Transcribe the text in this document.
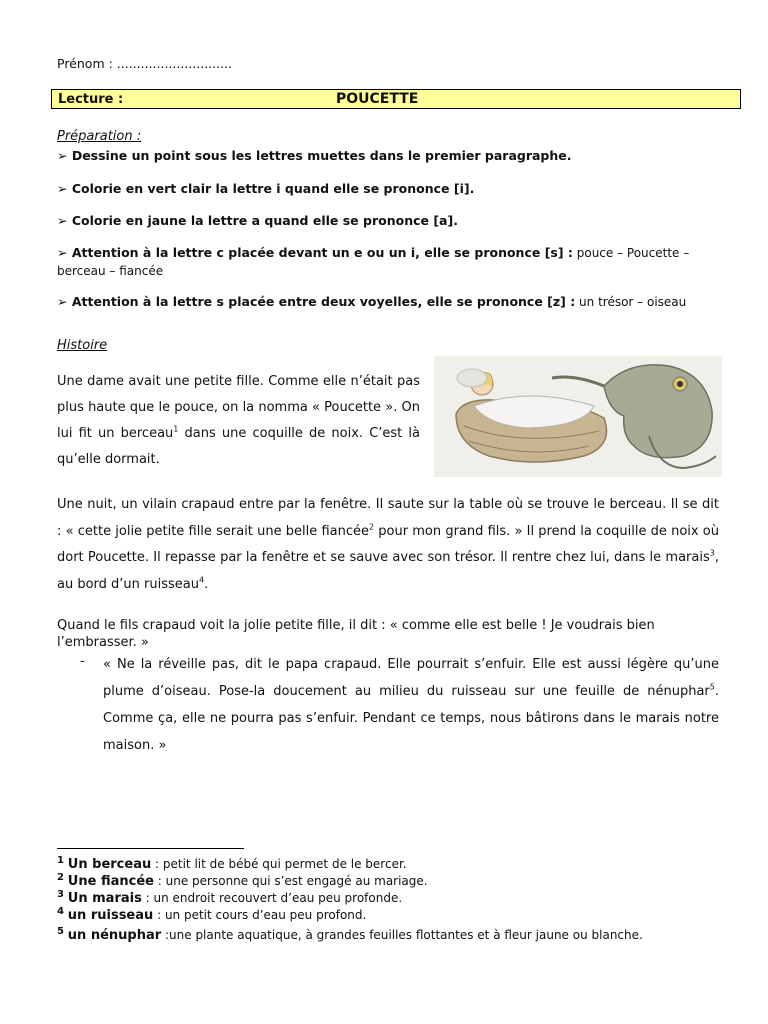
Prénom : .............................
Lecture :	POUCETTE
Préparation :
➢ Dessine un point sous les lettres muettes dans le premier paragraphe.
➢ Colorie en vert clair la lettre i quand elle se prononce [i].
➢ Colorie en jaune la lettre a quand elle se prononce [a].
➢ Attention à la lettre c placée devant un e ou un i, elle se prononce [s] : pouce – Poucette – berceau – fiancée
➢ Attention à la lettre s placée entre deux voyelles, elle se prononce [z] : un trésor – oiseau
Histoire
Une dame avait une petite fille. Comme elle n’était pas plus haute que le pouce, on la nomma « Poucette ». On lui fit un berceau$^1$ dans une coquille de noix. C’est là qu’elle dormait.
Une nuit, un vilain crapaud entre par la fenêtre. Il saute sur la table où se trouve le berceau. Il se dit : « cette jolie petite fille serait une belle fiancée$^2$ pour mon grand fils. » Il prend la coquille de noix où dort Poucette. Il repasse par la fenêtre et se sauve avec son trésor. Il rentre chez lui, dans le marais$^3$, au bord d’un ruisseau$^4$.
Quand le fils crapaud voit la jolie petite fille, il dit : « comme elle est belle ! Je voudrais bien l’embrasser. »
- « Ne la réveille pas, dit le papa crapaud. Elle pourrait s’enfuir. Elle est aussi légère qu’une plume d’oiseau. Pose-la doucement au milieu du ruisseau sur une feuille de nénuphar$^5$. Comme ça, elle ne pourra pas s’enfuir. Pendant ce temps, nous bâtirons dans le marais notre maison. »
$^1$ Un berceau : petit lit de bébé qui permet de le bercer.
$^2$ Une fiancée : une personne qui s’est engagé au mariage.
$^3$ Un marais : un endroit recouvert d’eau peu profonde.
$^4$ un ruisseau : un petit cours d’eau peu profond.
$^5$ un nénuphar :une plante aquatique, à grandes feuilles flottantes et à fleur jaune ou blanche.
